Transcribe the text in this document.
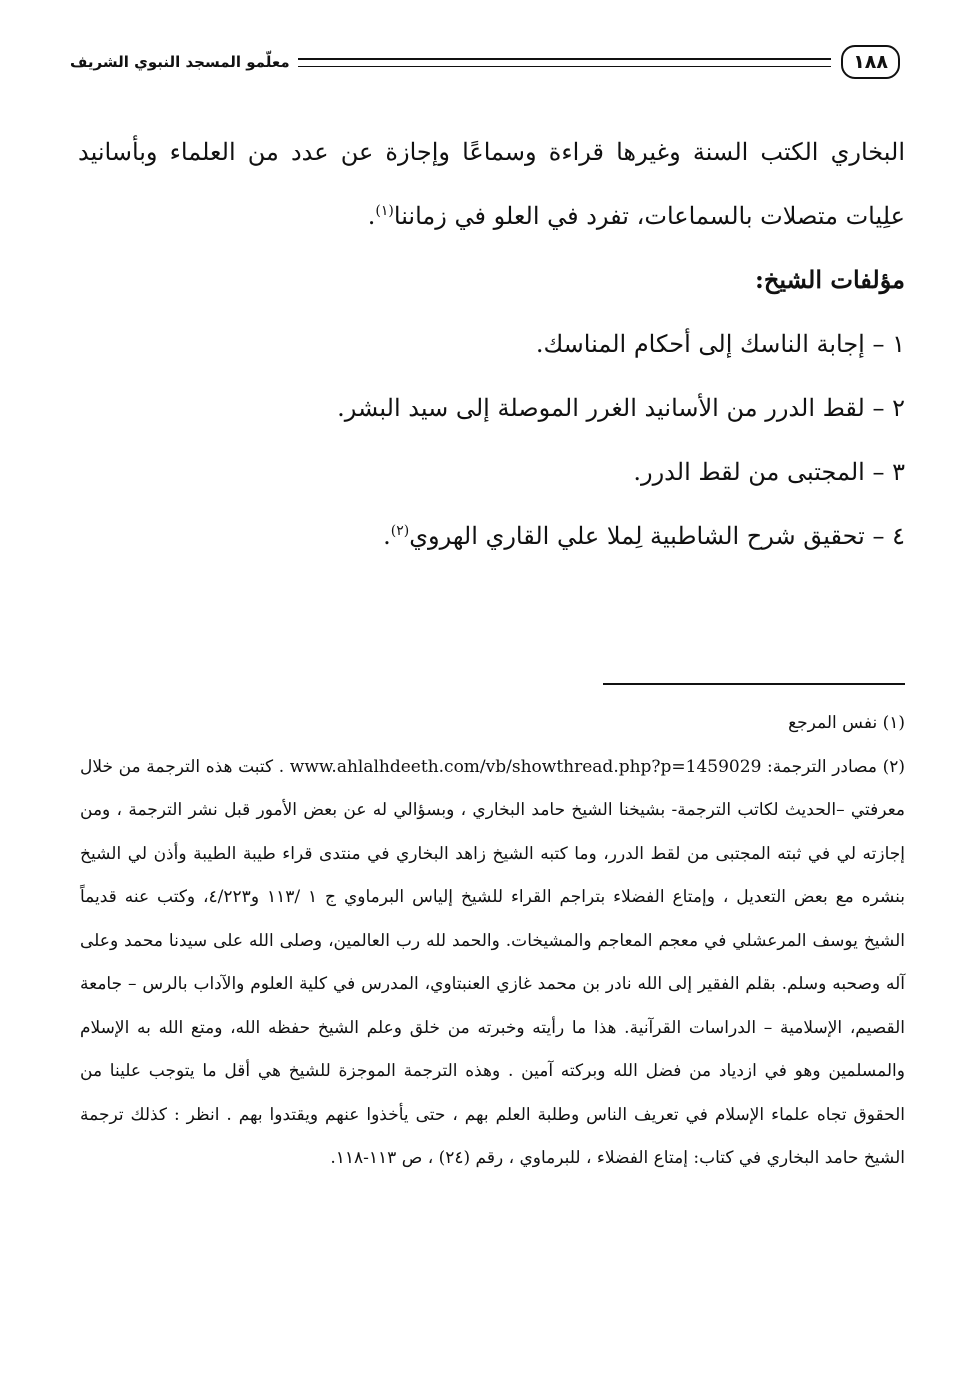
١٨٨
معلّمو المسجد النبوي الشريف

البخاري الكتب السنة وغيرها قراءة وسماعًا وإجازة عن عدد من العلماء وبأسانيد علِيات متصلات بالسماعات، تفرد في العلو في زماننا$^{(١)}$.

مؤلفات الشيخ:

١ – إجابة الناسك إلى أحكام المناسك.
٢ – لقط الدرر من الأسانيد الغرر الموصلة إلى سيد البشر.
٣ – المجتبى من لقط الدرر.
٤ – تحقيق شرح الشاطبية لِملا علي القاري الهروي$^{(٢)}$.

(١) نفس المرجع

(٢) مصادر الترجمة: www.ahlalhdeeth.com/vb/showthread.php?p=1459029 . كتبت هذه الترجمة من خلال معرفتي –الحديث لكاتب الترجمة- بشيخنا الشيخ حامد البخاري ، وبسؤالي له عن بعض الأمور قبل نشر الترجمة ، ومن إجازته لي في ثبته المجتبى من لقط الدرر، وما كتبه الشيخ زاهد البخاري في منتدى قراء طيبة الطيبة وأذن لي الشيخ بنشره مع بعض التعديل ، وإمتاع الفضلاء بتراجم القراء للشيخ إلياس البرماوي ج ١ /١١٣ و٤/٢٢٣، وكتب عنه قديماً الشيخ يوسف المرعشلي في معجم المعاجم والمشيخات. والحمد لله رب العالمين، وصلى الله على سيدنا محمد وعلى آله وصحبه وسلم. بقلم الفقير إلى الله نادر بن محمد غازي العنبتاوي، المدرس في كلية العلوم والآداب بالرس – جامعة القصيم، الإسلامية – الدراسات القرآنية. هذا ما رأيته وخبرته من خلق وعلم الشيخ حفظه الله، ومتع الله به الإسلام والمسلمين وهو في ازدياد من فضل الله وبركته آمين . وهذه الترجمة الموجزة للشيخ هي أقل ما يتوجب علينا من الحقوق تجاه علماء الإسلام في تعريف الناس وطلبة العلم بهم ، حتى يأخذوا عنهم ويقتدوا بهم . انظر : كذلك ترجمة الشيخ حامد البخاري في كتاب: إمتاع الفضلاء ، للبرماوي ، رقم (٢٤) ، ص ١١٣-١١٨.
